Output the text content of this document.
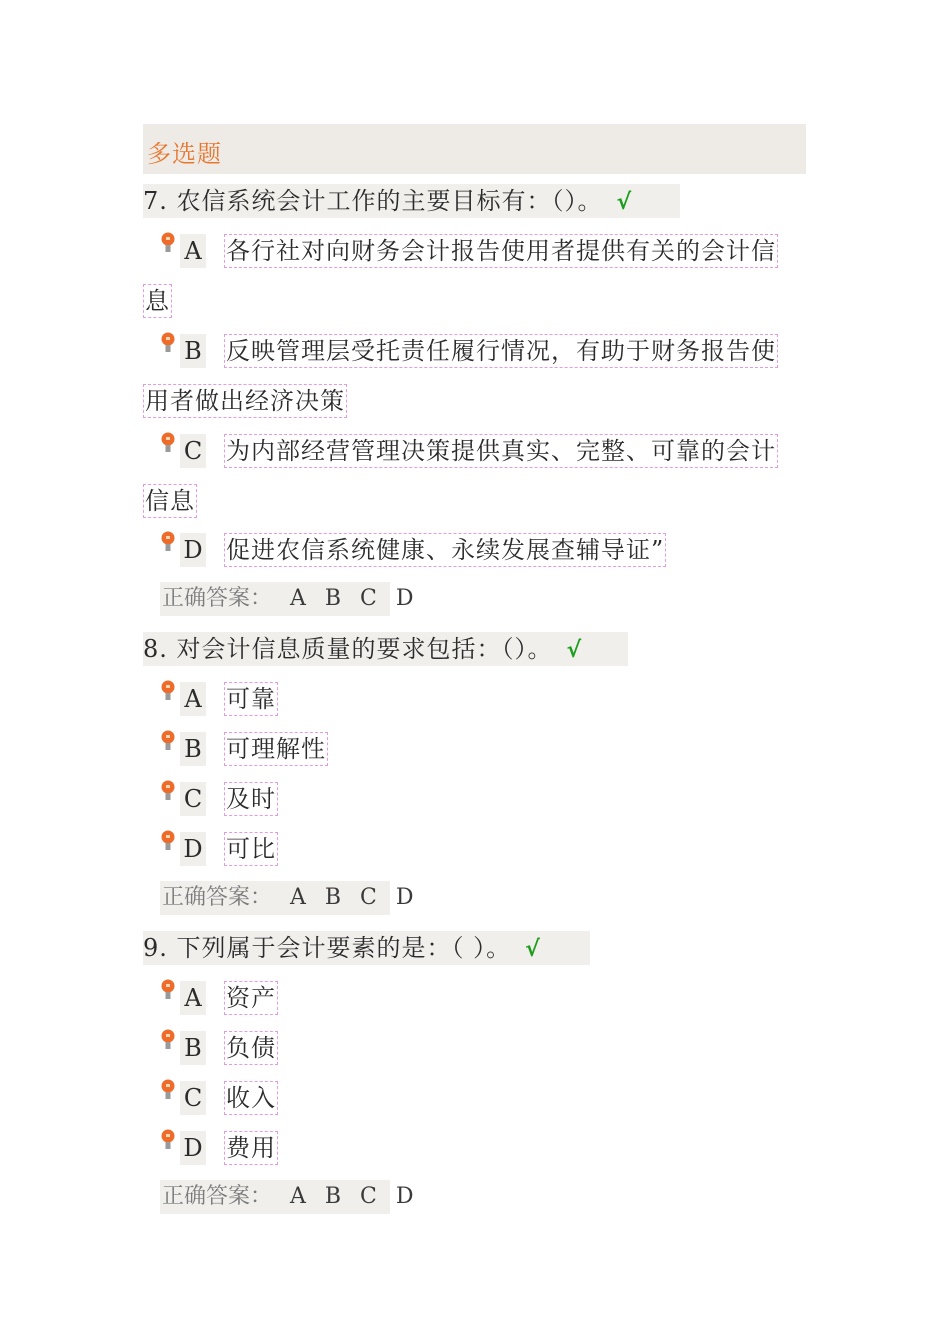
多选题
7. 农信系统会计工作的主要目标有：（）。 √
A 各行社对向财务会计报告使用者提供有关的会计信
息
B 反映管理层受托责任履行情况，有助于财务报告使
用者做出经济决策
C 为内部经营管理决策提供真实、完整、可靠的会计
信息
D 促进农信系统健康、永续发展查辅导证”
正确答案： A B C D
8. 对会计信息质量的要求包括：（）。 √
A 可靠
B 可理解性
C 及时
D 可比
正确答案： A B C D
9. 下列属于会计要素的是：（ ）。 √
A 资产
B 负债
C 收入
D 费用
正确答案： A B C D
